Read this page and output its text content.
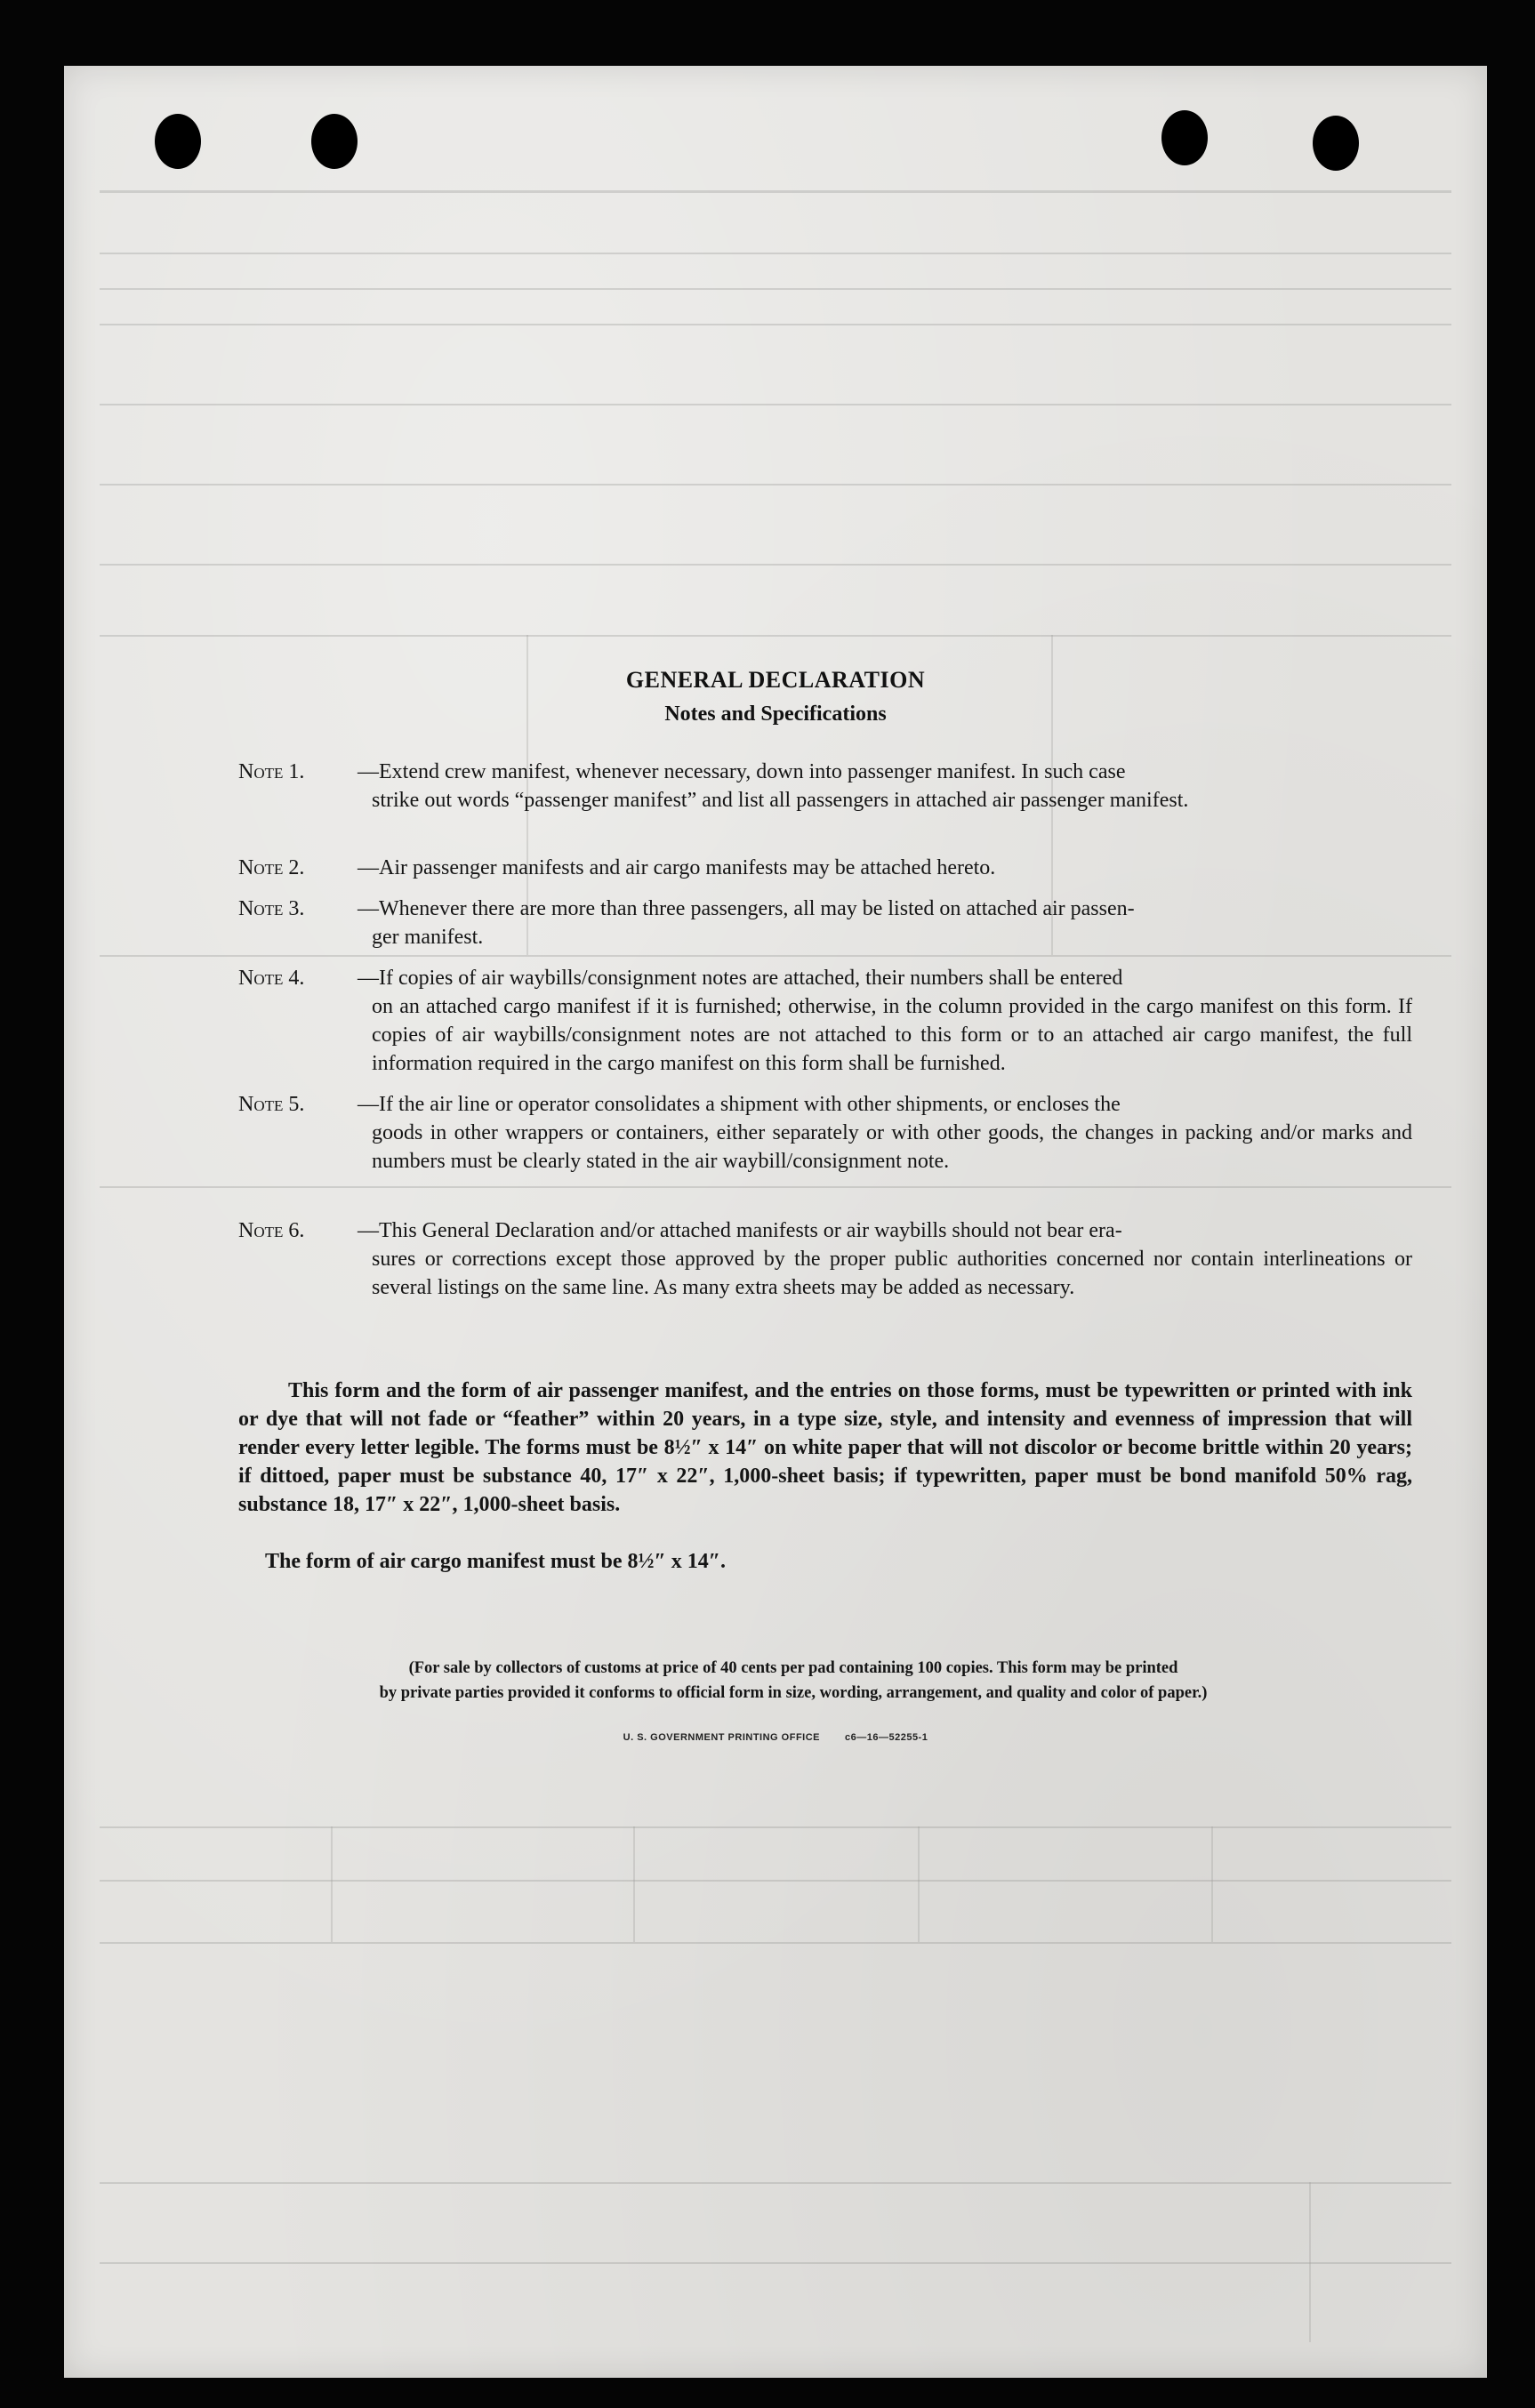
GENERAL DECLARATION
Notes and Specifications
Note 1.	—Extend crew manifest, whenever necessary, down into passenger manifest. In such case
strike out words “passenger manifest” and list all passengers in attached air passenger manifest.
Note 2.	—Air passenger manifests and air cargo manifests may be attached hereto.
Note 3.	—Whenever there are more than three passengers, all may be listed on attached air passen-
ger manifest.
Note 4.	—If copies of air waybills/consignment notes are attached, their numbers shall be entered
on an attached cargo manifest if it is furnished; otherwise, in the column provided in the cargo manifest on this form. If copies of air waybills/consignment notes are not attached to this form or to an attached air cargo manifest, the full information required in the cargo manifest on this form shall be furnished.
Note 5.	—If the air line or operator consolidates a shipment with other shipments, or encloses the
goods in other wrappers or containers, either separately or with other goods, the changes in packing and/or marks and numbers must be clearly stated in the air waybill/consignment note.
Note 6.	—This General Declaration and/or attached manifests or air waybills should not bear era-
sures or corrections except those approved by the proper public authorities concerned nor contain interlineations or several listings on the same line. As many extra sheets may be added as necessary.
This form and the form of air passenger manifest, and the entries on those forms, must be typewritten or printed with ink or dye that will not fade or “feather” within 20 years, in a type size, style, and intensity and evenness of impression that will render every letter legible. The forms must be 8½″ x 14″ on white paper that will not discolor or become brittle within 20 years; if dittoed, paper must be substance 40, 17″ x 22″, 1,000-sheet basis; if typewritten, paper must be bond manifold 50% rag, substance 18, 17″ x 22″, 1,000-sheet basis.
The form of air cargo manifest must be 8½″ x 14″.
(For sale by collectors of customs at price of 40 cents per pad containing 100 copies. This form may be printed
by private parties provided it conforms to official form in size, wording, arrangement, and quality and color of paper.)
U. S. GOVERNMENT PRINTING OFFICE	c6—16—52255-1
